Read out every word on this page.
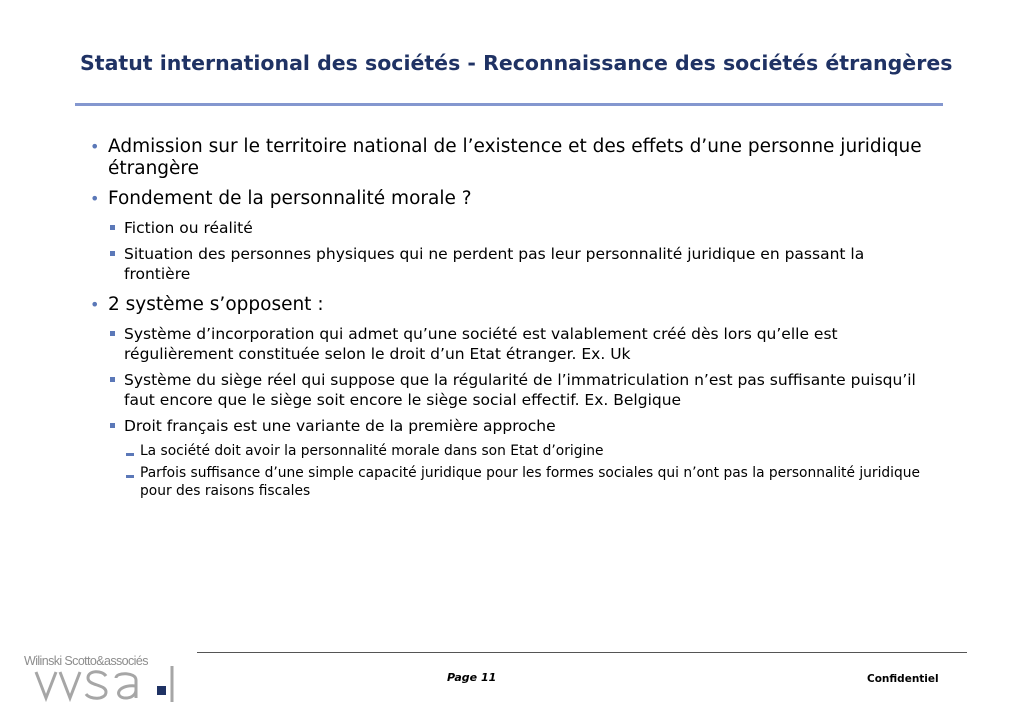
Statut international des sociétés - Reconnaissance des sociétés étrangères
• Admission sur le territoire national de l’existence et des effets d’une personne juridique étrangère
• Fondement de la personnalité morale ?
Fiction ou réalité
Situation des personnes physiques qui ne perdent pas leur personnalité juridique en passant la frontière
• 2 système s’opposent :
Système d’incorporation qui admet qu’une société est valablement créé dès lors qu’elle est régulièrement constituée selon le droit d’un Etat étranger. Ex. Uk
Système du siège réel qui suppose que la régularité de l’immatriculation n’est pas suffisante puisqu’il faut encore que le siège soit encore le siège social effectif. Ex. Belgique
Droit français est une variante de la première approche
La société doit avoir la personnalité morale dans son Etat d’origine
Parfois suffisance d’une simple capacité juridique pour les formes sociales qui n’ont pas la personnalité juridique pour des raisons fiscales
Wilinski Scotto&associés
Page 11	Confidentiel
